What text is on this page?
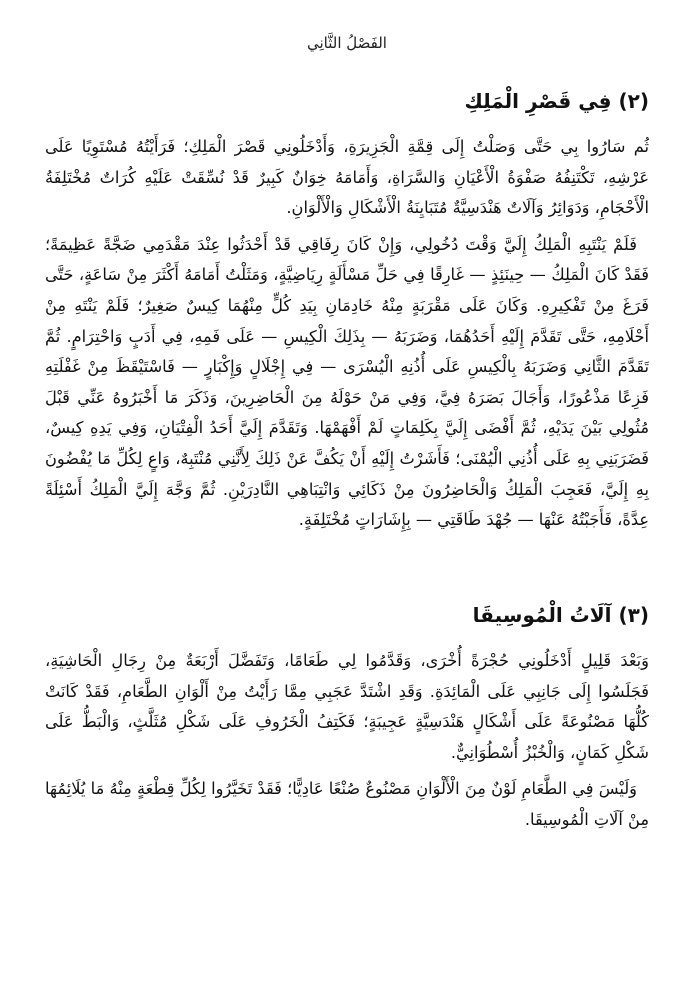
الفَصْلُ الثَّانِي
(٢) فِي قَصْرِ الْمَلِكِ

ثُم سَارُوا بِي حَتَّى وَصَلْتُ إِلَى قِمَّةِ الْجَزِيرَةِ، وَأَدْخَلُونِي قَصْرَ الْمَلِكِ؛ فَرَأَيْتُهُ مُسْتَوِيًا عَلَى عَرْشِهِ، تَكْتَنِفُهُ صَفْوَةُ الْأَعْيَانِ وَالسَّرَاةِ، وَأَمَامَهُ خِوَانٌ كَبِيرٌ قَدْ نُسِّقَتْ عَلَيْهِ كُرَاتٌ مُخْتَلِفَةُ الْأَحْجَامِ، وَدَوَائِرُ وَآلَاتٌ هَنْدَسِيَّةٌ مُتَبَايِنَةُ الْأَشْكَالِ وَالْأَلْوَانِ.

فَلَمْ يَنْتَبِهِ الْمَلِكُ إِلَيَّ وَقْتَ دُخُولِي، وَإِنْ كَانَ رِفَاقِي قَدْ أَحْدَثُوا عِنْدَ مَقْدَمِي ضَجَّةً عَظِيمَةً؛ فَقَدْ كَانَ الْمَلِكُ — حِينَئِذٍ — غَارِقًا فِي حَلِّ مَسْأَلَةٍ رِيَاضِيَّةٍ، وَمَثَلْتُ أَمَامَهُ أَكْثَرَ مِنْ سَاعَةٍ، حَتَّى فَرَغَ مِنْ تَفْكِيرِهِ. وَكَانَ عَلَى مَقْرَبَةٍ مِنْهُ خَادِمَانِ بِيَدِ كُلٍّ مِنْهُمَا كِيسٌ صَغِيرٌ؛ فَلَمْ يَنْتَهِ مِنْ أَحْلَامِهِ، حَتَّى تَقَدَّمَ إِلَيْهِ أَحَدُهُمَا، وَضَرَبَهُ — بِذَلِكَ الْكِيسِ — عَلَى فَمِهِ، فِي أَدَبٍ وَاحْتِرَامٍ. ثُمَّ تَقَدَّمَ الثَّانِي وَضَرَبَهُ بِالْكِيسِ عَلَى أُذُنِهِ الْيُسْرَى — فِي إِجْلَالٍ وَإِكْبَارٍ — فَاسْتَيْقَظَ مِنْ غَفْلَتِهِ فَزِعًا مَذْعُورًا، وَأَجَالَ بَصَرَهُ فِيَّ، وَفِي مَنْ حَوْلَهُ مِنَ الْحَاضِرِينَ، وَذَكَرَ مَا أَخْبَرُوهُ عَنِّي قَبْلَ مُثُولِي بَيْنَ يَدَيْهِ، ثُمَّ أَفْضَى إِلَيَّ بِكَلِمَاتٍ لَمْ أَفْهَمْهَا. وَتَقَدَّمَ إِلَيَّ أَحَدُ الْفِتْيَانِ، وَفِي يَدِهِ كِيسٌ، فَضَرَبَنِي بِهِ عَلَى أُذُنِي الْيُمْنَى؛ فَأَشَرْتُ إِلَيْهِ أَنْ يَكُفَّ عَنْ ذَلِكَ لِأَنَّنِي مُنْتَبِهٌ، وَاعٍ لِكُلِّ مَا يُفْضُونَ بِهِ إِلَيَّ، فَعَجِبَ الْمَلِكُ وَالْحَاضِرُونَ مِنْ ذَكَائِي وَانْتِبَاهِي النَّادِرَيْنِ. ثُمَّ وَجَّهَ إِلَيَّ الْمَلِكُ أَسْئِلَةً عِدَّةً، فَأَجَبْتُهُ عَنْهَا — جُهْدَ طَاقَتِي — بِإِشَارَاتٍ مُخْتَلِفَةٍ.

(٣) آلَاتُ الْمُوسِيقَا

وَبَعْدَ قَلِيلٍ أَدْخَلُونِي حُجْرَةً أُخْرَى، وَقَدَّمُوا لِي طَعَامًا، وَتَفَضَّلَ أَرْبَعَةٌ مِنْ رِجَالِ الْحَاشِيَةِ، فَجَلَسُوا إِلَى جَانِبِي عَلَى الْمَائِدَةِ. وَقَدِ اشْتَدَّ عَجَبِي مِمَّا رَأَيْتُ مِنْ أَلْوَانِ الطَّعَامِ، فَقَدْ كَانَتْ كُلُّهَا مَصْنُوعَةً عَلَى أَشْكَالٍ هَنْدَسِيَّةٍ عَجِيبَةٍ؛ فَكَتِفُ الْخَرُوفِ عَلَى شَكْلِ مُثَلَّثٍ، وَالْبَطُّ عَلَى شَكْلِ كَمَانٍ، وَالْخُبْزُ أُسْطُوَانِيٌّ.

وَلَيْسَ فِي الطَّعَامِ لَوْنٌ مِنَ الْأَلْوَانِ مَصْنُوعٌ صُنْعًا عَادِيًّا؛ فَقَدْ تَخَيَّرُوا لِكُلِّ قِطْعَةٍ مِنْهُ مَا يُلَائِمُهَا مِنْ آلَاتِ الْمُوسِيقَا.
